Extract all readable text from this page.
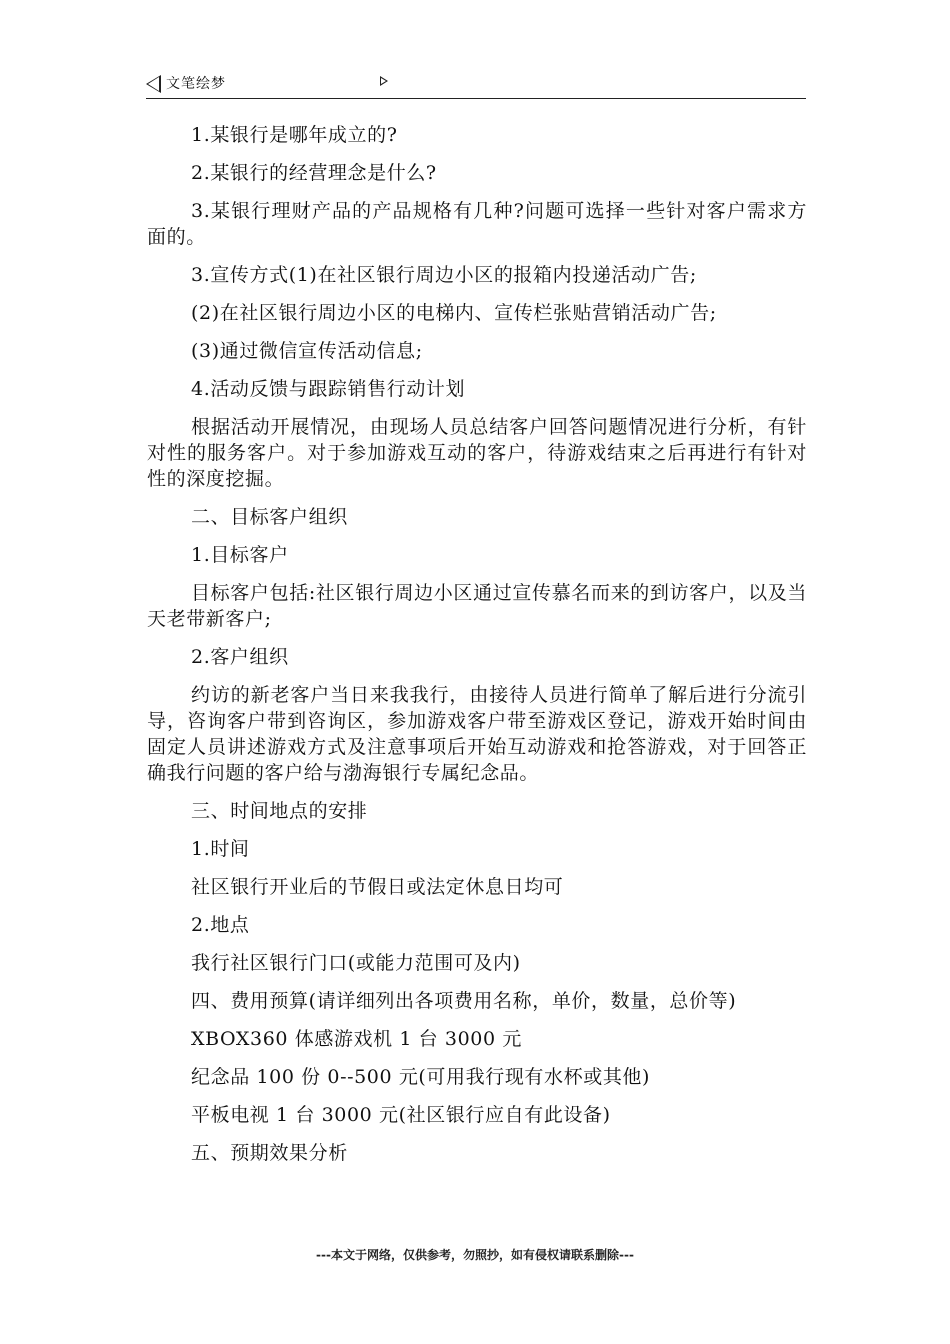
文笔绘梦

1.某银行是哪年成立的?

2.某银行的经营理念是什么?

3.某银行理财产品的产品规格有几种?问题可选择一些针对客户需求方面的。

3.宣传方式(1)在社区银行周边小区的报箱内投递活动广告;

(2)在社区银行周边小区的电梯内、宣传栏张贴营销活动广告;

(3)通过微信宣传活动信息;

4.活动反馈与跟踪销售行动计划

根据活动开展情况，由现场人员总结客户回答问题情况进行分析，有针对性的服务客户。对于参加游戏互动的客户，待游戏结束之后再进行有针对性的深度挖掘。

二、目标客户组织

1.目标客户

目标客户包括:社区银行周边小区通过宣传慕名而来的到访客户，以及当天老带新客户;

2.客户组织

约访的新老客户当日来我我行，由接待人员进行简单了解后进行分流引导，咨询客户带到咨询区，参加游戏客户带至游戏区登记，游戏开始时间由固定人员讲述游戏方式及注意事项后开始互动游戏和抢答游戏，对于回答正确我行问题的客户给与渤海银行专属纪念品。

三、时间地点的安排

1.时间

社区银行开业后的节假日或法定休息日均可

2.地点

我行社区银行门口(或能力范围可及内)

四、费用预算(请详细列出各项费用名称，单价，数量，总价等)

XBOX360 体感游戏机 1 台 3000 元

纪念品 100 份 0--500 元(可用我行现有水杯或其他)

平板电视 1 台 3000 元(社区银行应自有此设备)

五、预期效果分析

---本文于网络，仅供参考，勿照抄，如有侵权请联系删除---
